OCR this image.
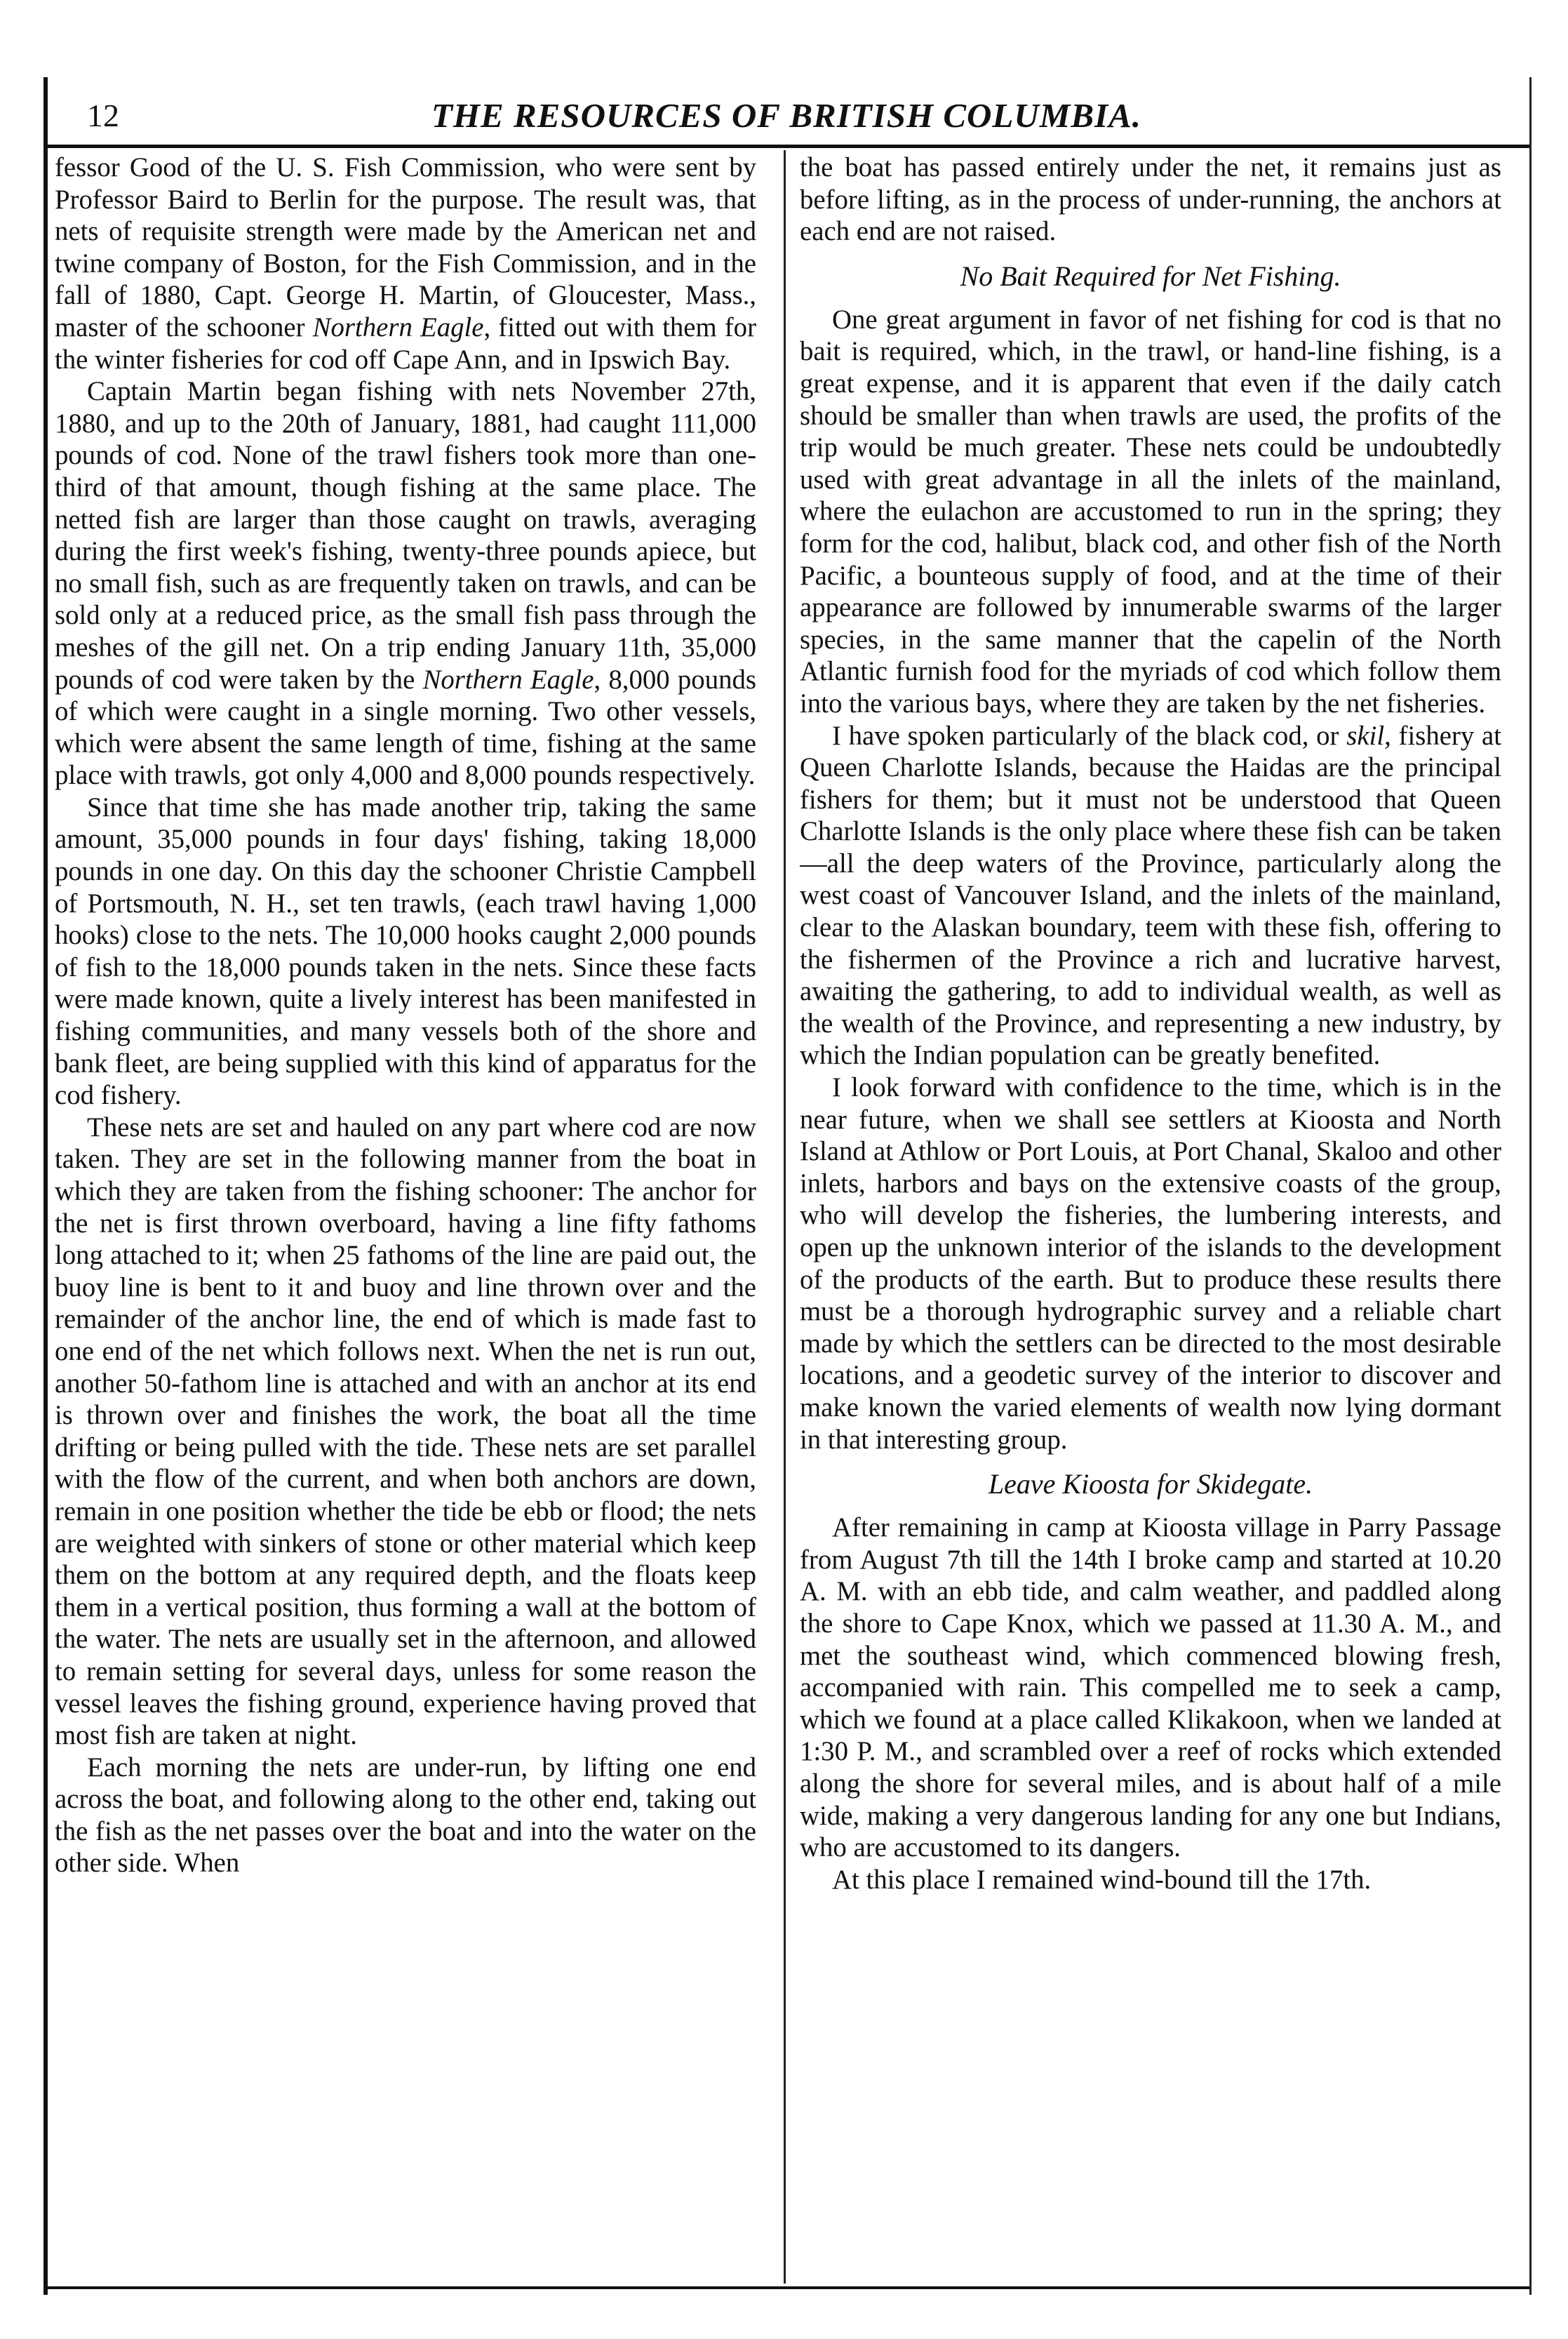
12	THE RESOURCES OF BRITISH COLUMBIA.

fessor Good of the U. S. Fish Commission, who were sent by Professor Baird to Berlin for the purpose. The result was, that nets of requisite strength were made by the American net and twine company of Boston, for the Fish Commission, and in the fall of 1880, Capt. George H. Martin, of Gloucester, Mass., master of the schooner Northern Eagle, fitted out with them for the winter fisheries for cod off Cape Ann, and in Ipswich Bay.

Captain Martin began fishing with nets November 27th, 1880, and up to the 20th of January, 1881, had caught 111,000 pounds of cod. None of the trawl fishers took more than one-third of that amount, though fishing at the same place. The netted fish are larger than those caught on trawls, averaging during the first week's fishing, twenty-three pounds apiece, but no small fish, such as are frequently taken on trawls, and can be sold only at a reduced price, as the small fish pass through the meshes of the gill net. On a trip ending January 11th, 35,000 pounds of cod were taken by the Northern Eagle, 8,000 pounds of which were caught in a single morning. Two other vessels, which were absent the same length of time, fishing at the same place with trawls, got only 4,000 and 8,000 pounds respectively.

Since that time she has made another trip, taking the same amount, 35,000 pounds in four days' fishing, taking 18,000 pounds in one day. On this day the schooner Christie Campbell of Portsmouth, N. H., set ten trawls, (each trawl having 1,000 hooks) close to the nets. The 10,000 hooks caught 2,000 pounds of fish to the 18,000 pounds taken in the nets. Since these facts were made known, quite a lively interest has been manifested in fishing communities, and many vessels both of the shore and bank fleet, are being supplied with this kind of apparatus for the cod fishery.

These nets are set and hauled on any part where cod are now taken. They are set in the following manner from the boat in which they are taken from the fishing schooner: The anchor for the net is first thrown overboard, having a line fifty fathoms long attached to it; when 25 fathoms of the line are paid out, the buoy line is bent to it and buoy and line thrown over and the remainder of the anchor line, the end of which is made fast to one end of the net which follows next. When the net is run out, another 50-fathom line is attached and with an anchor at its end is thrown over and finishes the work, the boat all the time drifting or being pulled with the tide. These nets are set parallel with the flow of the current, and when both anchors are down, remain in one position whether the tide be ebb or flood; the nets are weighted with sinkers of stone or other material which keep them on the bottom at any required depth, and the floats keep them in a vertical position, thus forming a wall at the bottom of the water. The nets are usually set in the afternoon, and allowed to remain setting for several days, unless for some reason the vessel leaves the fishing ground, experience having proved that most fish are taken at night.

Each morning the nets are under-run, by lifting one end across the boat, and following along to the other end, taking out the fish as the net passes over the boat and into the water on the other side. When

the boat has passed entirely under the net, it remains just as before lifting, as in the process of under-running, the anchors at each end are not raised.

No Bait Required for Net Fishing.

One great argument in favor of net fishing for cod is that no bait is required, which, in the trawl, or hand-line fishing, is a great expense, and it is apparent that even if the daily catch should be smaller than when trawls are used, the profits of the trip would be much greater. These nets could be undoubtedly used with great advantage in all the inlets of the mainland, where the eulachon are accustomed to run in the spring; they form for the cod, halibut, black cod, and other fish of the North Pacific, a bounteous supply of food, and at the time of their appearance are followed by innumerable swarms of the larger species, in the same manner that the capelin of the North Atlantic furnish food for the myriads of cod which follow them into the various bays, where they are taken by the net fisheries.

I have spoken particularly of the black cod, or skil, fishery at Queen Charlotte Islands, because the Haidas are the principal fishers for them; but it must not be understood that Queen Charlotte Islands is the only place where these fish can be taken—all the deep waters of the Province, particularly along the west coast of Vancouver Island, and the inlets of the mainland, clear to the Alaskan boundary, teem with these fish, offering to the fishermen of the Province a rich and lucrative harvest, awaiting the gathering, to add to individual wealth, as well as the wealth of the Province, and representing a new industry, by which the Indian population can be greatly benefited.

I look forward with confidence to the time, which is in the near future, when we shall see settlers at Kioosta and North Island at Athlow or Port Louis, at Port Chanal, Skaloo and other inlets, harbors and bays on the extensive coasts of the group, who will develop the fisheries, the lumbering interests, and open up the unknown interior of the islands to the development of the products of the earth. But to produce these results there must be a thorough hydrographic survey and a reliable chart made by which the settlers can be directed to the most desirable locations, and a geodetic survey of the interior to discover and make known the varied elements of wealth now lying dormant in that interesting group.

Leave Kioosta for Skidegate.

After remaining in camp at Kioosta village in Parry Passage from August 7th till the 14th I broke camp and started at 10.20 A. M. with an ebb tide, and calm weather, and paddled along the shore to Cape Knox, which we passed at 11.30 A. M., and met the southeast wind, which commenced blowing fresh, accompanied with rain. This compelled me to seek a camp, which we found at a place called Klikakoon, when we landed at 1:30 P. M., and scrambled over a reef of rocks which extended along the shore for several miles, and is about half of a mile wide, making a very dangerous landing for any one but Indians, who are accustomed to its dangers.

At this place I remained wind-bound till the 17th.
